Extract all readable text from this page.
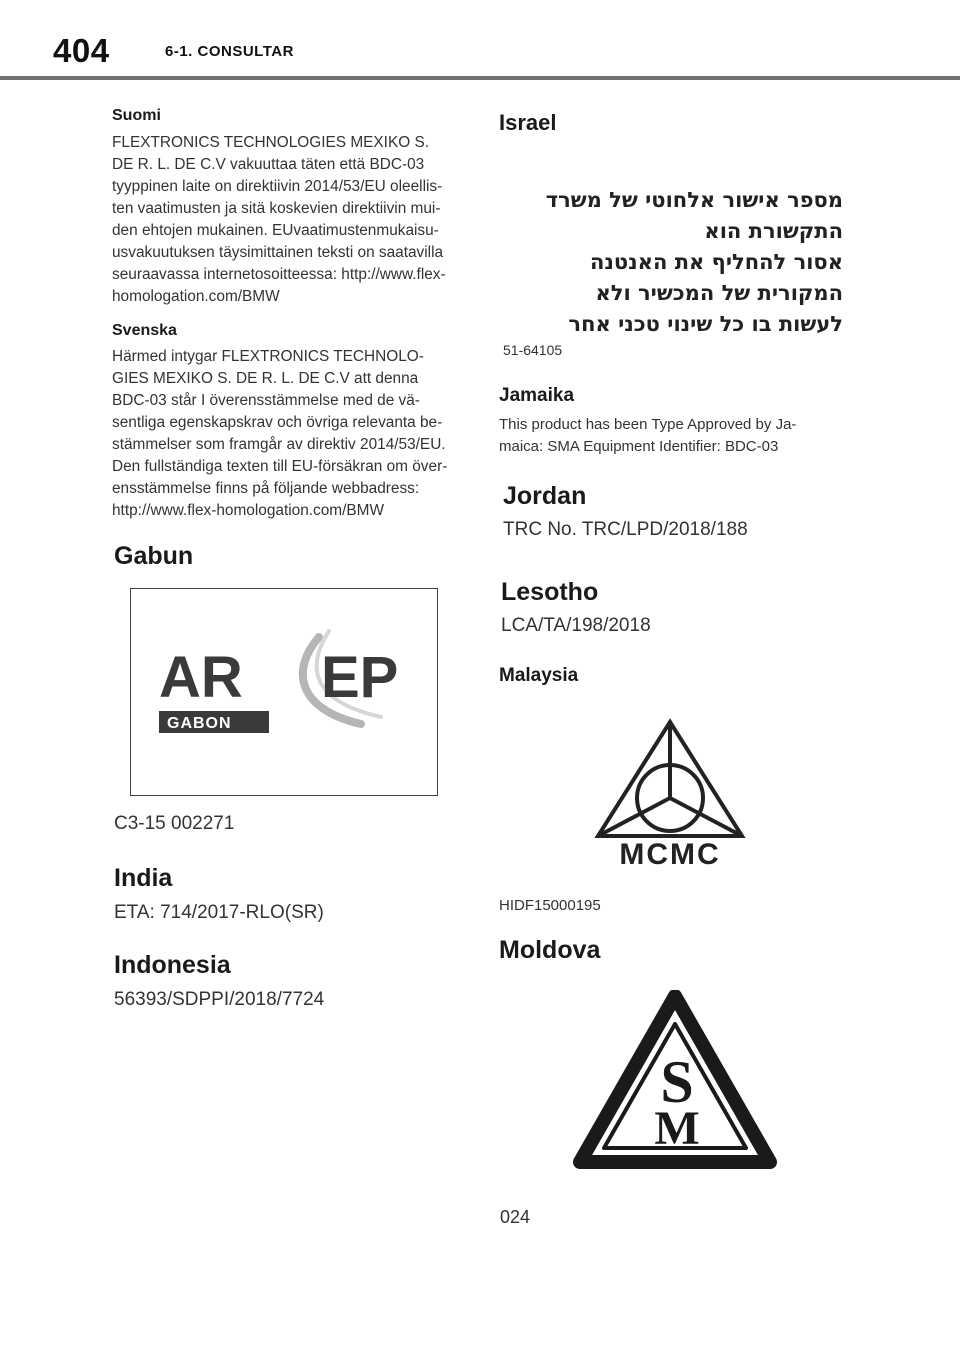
404	6-1. CONSULTAR
Suomi
FLEXTRONICS TECHNOLOGIES MEXIKO S.
DE R. L. DE C.V vakuuttaa täten että BDC-03
tyyppinen laite on direktiivin 2014/53/EU oleellis-
ten vaatimusten ja sitä koskevien direktiivin mui-
den ehtojen mukainen. EUvaatimustenmukaisu-
usvakuutuksen täysimittainen teksti on saatavilla
seuraavassa internetosoitteessa: http://www.flex-
homologation.com/BMW
Svenska
Härmed intygar FLEXTRONICS TECHNOLO-
GIES MEXIKO S. DE R. L. DE C.V att denna
BDC-03 står I överensstämmelse med de vä-
sentliga egenskapskrav och övriga relevanta be-
stämmelser som framgår av direktiv 2014/53/EU.
Den fullständiga texten till EU-försäkran om över-
ensstämmelse finns på följande webbadress:
http://www.flex-homologation.com/BMW
Gabun
AR EP
GABON
C3-15 002271
India
ETA: 714/2017-RLO(SR)
Indonesia
56393/SDPPI/2018/7724
Israel
מספר אישור אלחוטי של משרד התקשורת הוא
אסור להחליף את האנטנה המקורית של המכשיר ולא
לעשות בו כל שינוי טכני אחר
51-64105
Jamaika
This product has been Type Approved by Ja-
maica: SMA Equipment Identifier: BDC-03
Jordan
TRC No. TRC/LPD/2018/188
Lesotho
LCA/TA/198/2018
Malaysia
MCMC
HIDF15000195
Moldova
S
M
024
